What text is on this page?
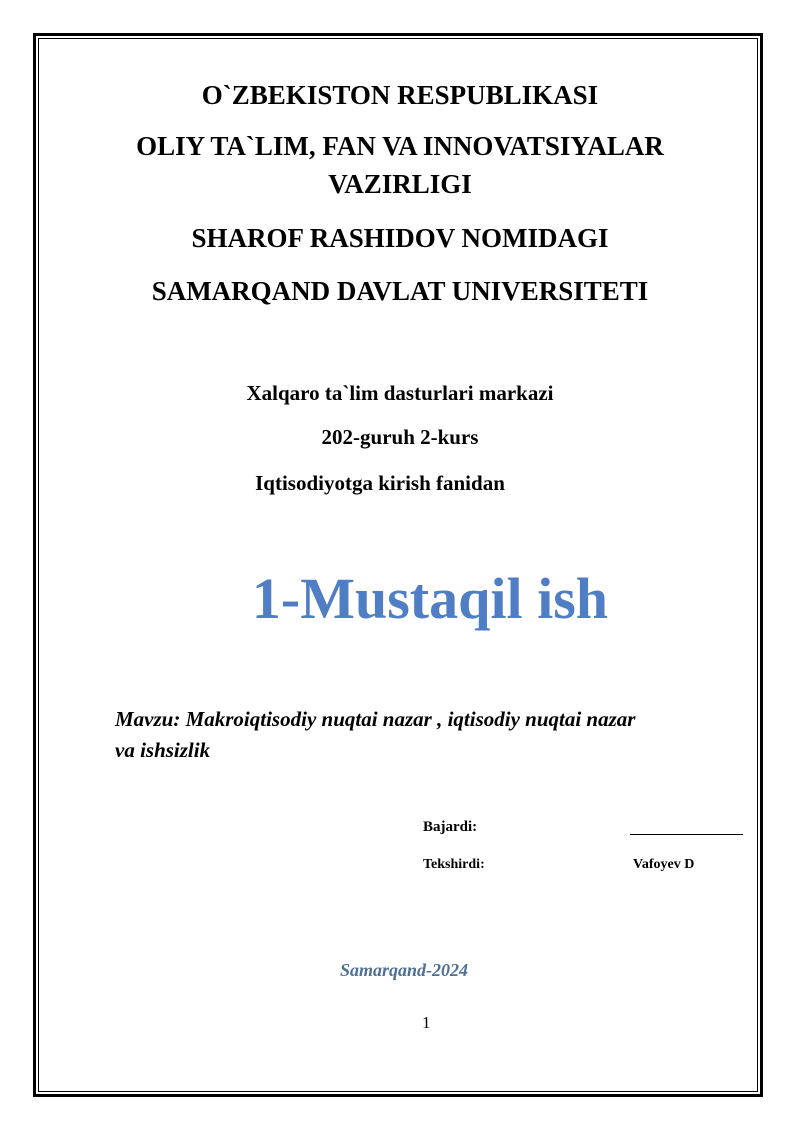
O`ZBEKISTON RESPUBLIKASI
OLIY TA`LIM, FAN VA INNOVATSIYALAR
VAZIRLIGI
SHAROF RASHIDOV NOMIDAGI
SAMARQAND DAVLAT UNIVERSITETI
Xalqaro ta`lim dasturlari markazi
202-guruh 2-kurs
Iqtisodiyotga kirish fanidan
1-Mustaqil ish
Mavzu: Makroiqtisodiy nuqtai nazar , iqtisodiy nuqtai nazar
va ishsizlik
Bajardi:
Tekshirdi:	Vafoyev D
Samarqand-2024
1
